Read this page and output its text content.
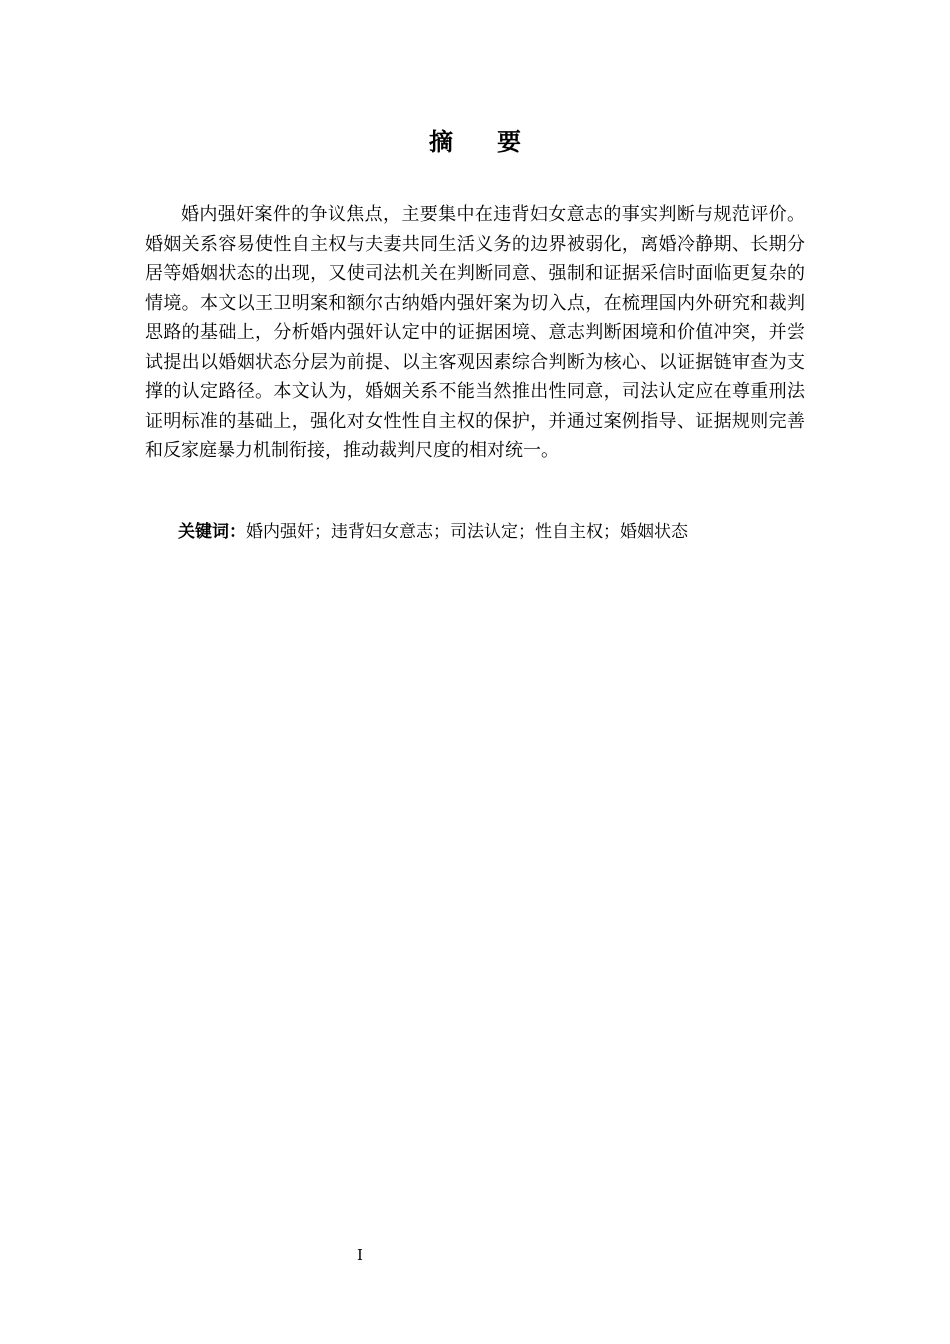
摘要

婚内强奸案件的争议焦点，主要集中在违背妇女意志的事实判断与规范评价。婚姻关系容易使性自主权与夫妻共同生活义务的边界被弱化，离婚冷静期、长期分居等婚姻状态的出现，又使司法机关在判断同意、强制和证据采信时面临更复杂的情境。本文以王卫明案和额尔古纳婚内强奸案为切入点，在梳理国内外研究和裁判思路的基础上，分析婚内强奸认定中的证据困境、意志判断困境和价值冲突，并尝试提出以婚姻状态分层为前提、以主客观因素综合判断为核心、以证据链审查为支撑的认定路径。本文认为，婚姻关系不能当然推出性同意，司法认定应在尊重刑法证明标准的基础上，强化对女性性自主权的保护，并通过案例指导、证据规则完善和反家庭暴力机制衔接，推动裁判尺度的相对统一。

关键词：婚内强奸；违背妇女意志；司法认定；性自主权；婚姻状态
I
